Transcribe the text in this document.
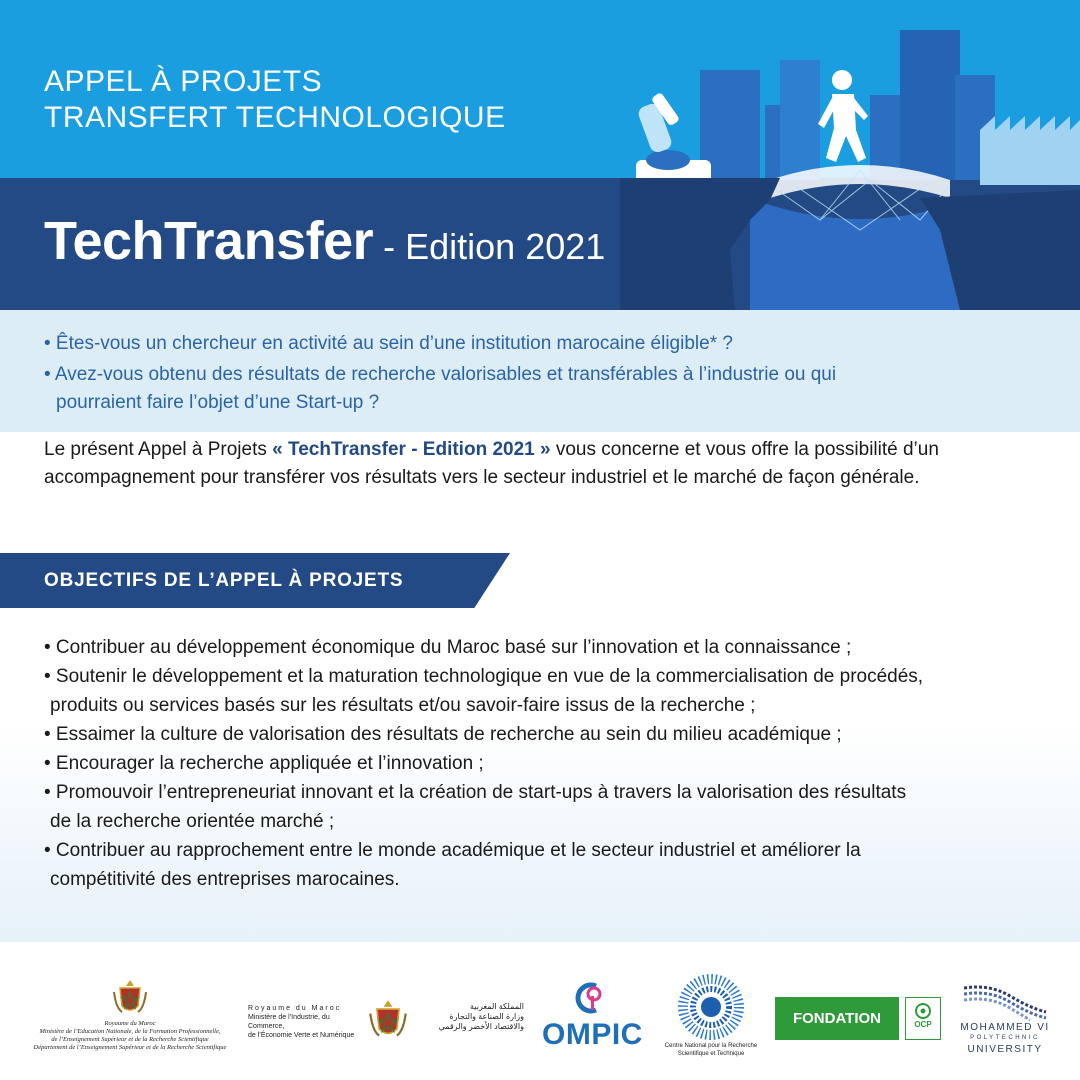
APPEL À PROJETS
TRANSFERT TECHNOLOGIQUE
TechTransfer - Edition 2021
• Êtes-vous un chercheur en activité au sein d’une institution marocaine éligible* ?
• Avez-vous obtenu des résultats de recherche valorisables et transférables à l’industrie ou qui
pourraient faire l’objet d’une Start-up ?

Le présent Appel à Projets « TechTransfer - Edition 2021 » vous concerne et vous offre la possibilité d’un accompagnement pour transférer vos résultats vers le secteur industriel et le marché de façon générale.

OBJECTIFS DE L’APPEL À PROJETS
• Contribuer au développement économique du Maroc basé sur l’innovation et la connaissance ;
• Soutenir le développement et la maturation technologique en vue de la commercialisation de procédés,
produits ou services basés sur les résultats et/ou savoir-faire issus de la recherche ;
• Essaimer la culture de valorisation des résultats de recherche au sein du milieu académique ;
• Encourager la recherche appliquée et l’innovation ;
• Promouvoir l’entrepreneuriat innovant et la création de start-ups à travers la valorisation des résultats
de la recherche orientée marché ;
• Contribuer au rapprochement entre le monde académique et le secteur industriel et améliorer la
compétitivité des entreprises marocaines.
Royaume du Maroc
Ministère de l’Education Nationale, de la Formation Professionnelle,
de l’Enseignement Supérieur et de la Recherche Scientifique
Département de l’Enseignement Supérieur et de la Recherche Scientifique
Royaume du Maroc
Ministère de l’Industrie, du Commerce,
de l’Économie Verte et Numérique
المملكة المغربية
وزارة الصناعة والتجارة
والاقتصاد الأخضر والرقمي OMPIC	Centre National pour la Recherche
Scientifique et Technique
FONDATION	OCP	MOHAMMED VI
POLYTECHNIC
UNIVERSITY
